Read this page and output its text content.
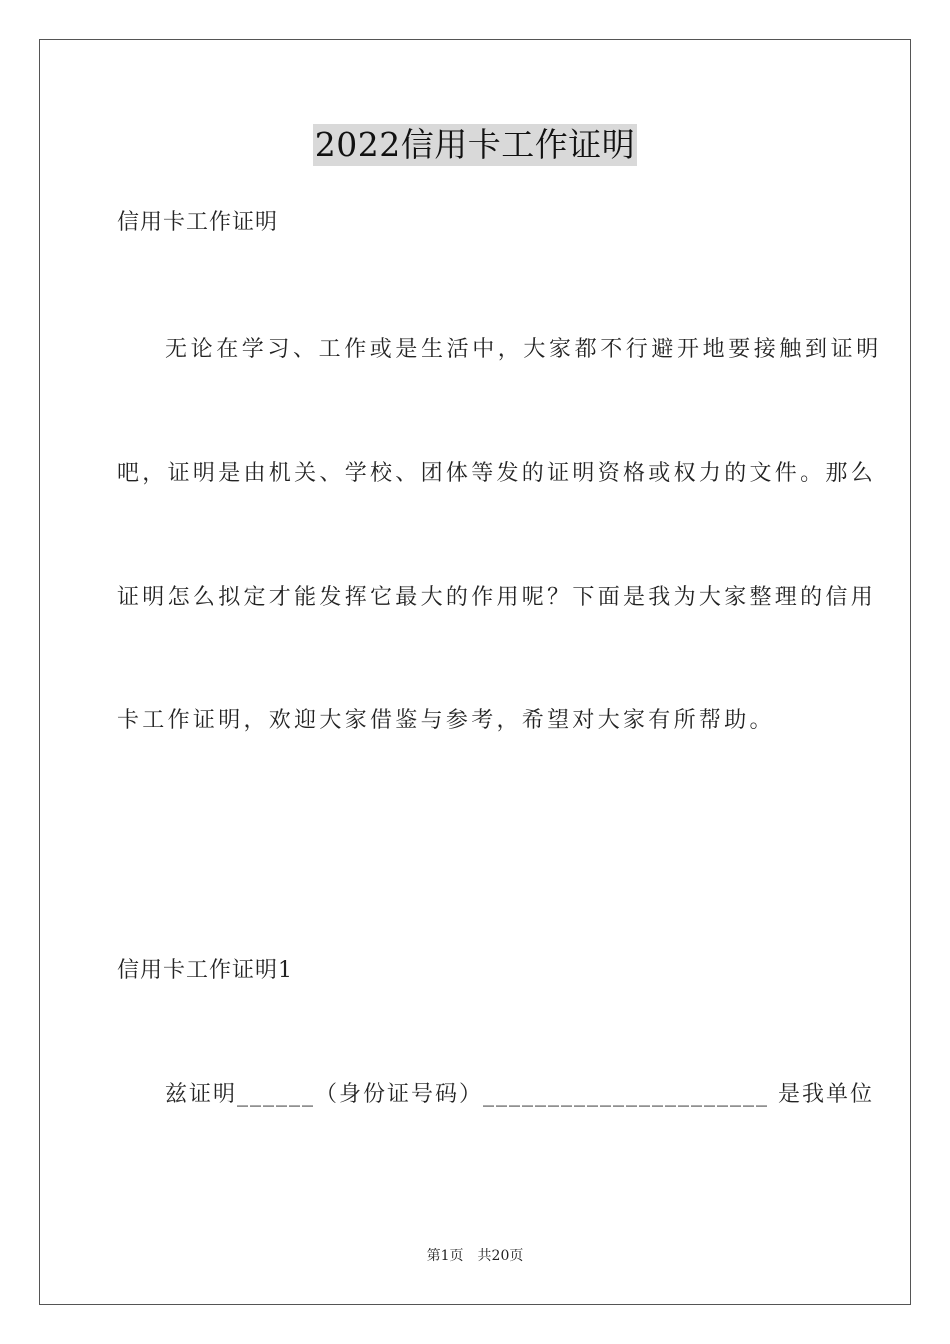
2022信用卡工作证明
信用卡工作证明
无论在学习、工作或是生活中，大家都不行避开地要接触到证明
吧，证明是由机关、学校、团体等发的证明资格或权力的文件。那么
证明怎么拟定才能发挥它最大的作用呢？下面是我为大家整理的信用
卡工作证明，欢迎大家借鉴与参考，希望对大家有所帮助。
信用卡工作证明1
兹证明______（身份证号码）______________________ 是我单位
第1页 共20页
